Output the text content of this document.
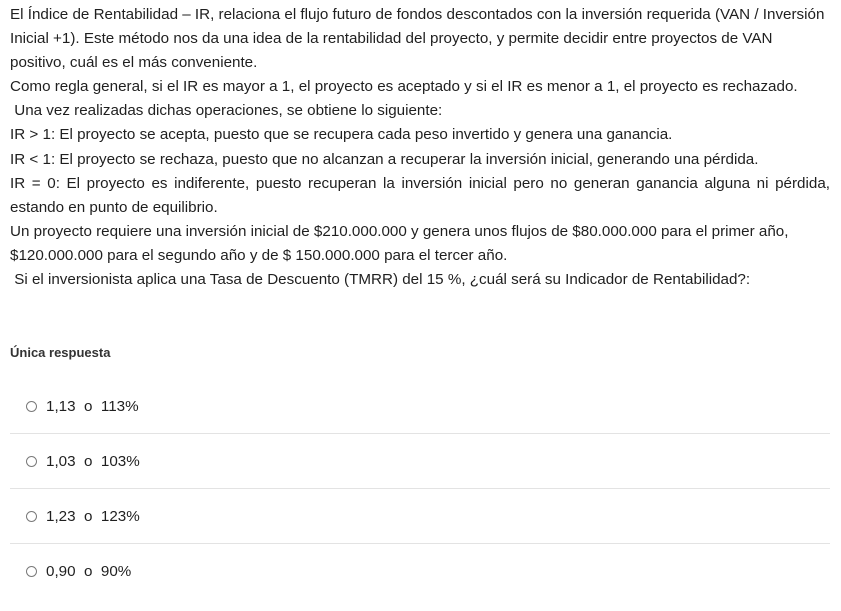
El Índice de Rentabilidad – IR, relaciona el flujo futuro de fondos descontados con la inversión requerida (VAN / Inversión Inicial +1). Este método nos da una idea de la rentabilidad del proyecto, y permite decidir entre proyectos de VAN positivo, cuál es el más conveniente.

Como regla general, si el IR es mayor a 1, el proyecto es aceptado y si el IR es menor a 1, el proyecto es rechazado.

Una vez realizadas dichas operaciones, se obtiene lo siguiente:

IR > 1: El proyecto se acepta, puesto que se recupera cada peso invertido y genera una ganancia.

IR < 1: El proyecto se rechaza, puesto que no alcanzan a recuperar la inversión inicial, generando una pérdida.

IR = 0: El proyecto es indiferente, puesto recuperan la inversión inicial pero no generan ganancia alguna ni pérdida, estando en punto de equilibrio.

Un proyecto requiere una inversión inicial de $210.000.000 y genera unos flujos de $80.000.000 para el primer año, $120.000.000 para el segundo año y de $ 150.000.000 para el tercer año.

Si el inversionista aplica una Tasa de Descuento (TMRR) del 15 %, ¿cuál será su Indicador de Rentabilidad?:

Única respuesta
1,13  o  113%
1,03  o  103%
1,23  o  123%
0,90  o  90%
